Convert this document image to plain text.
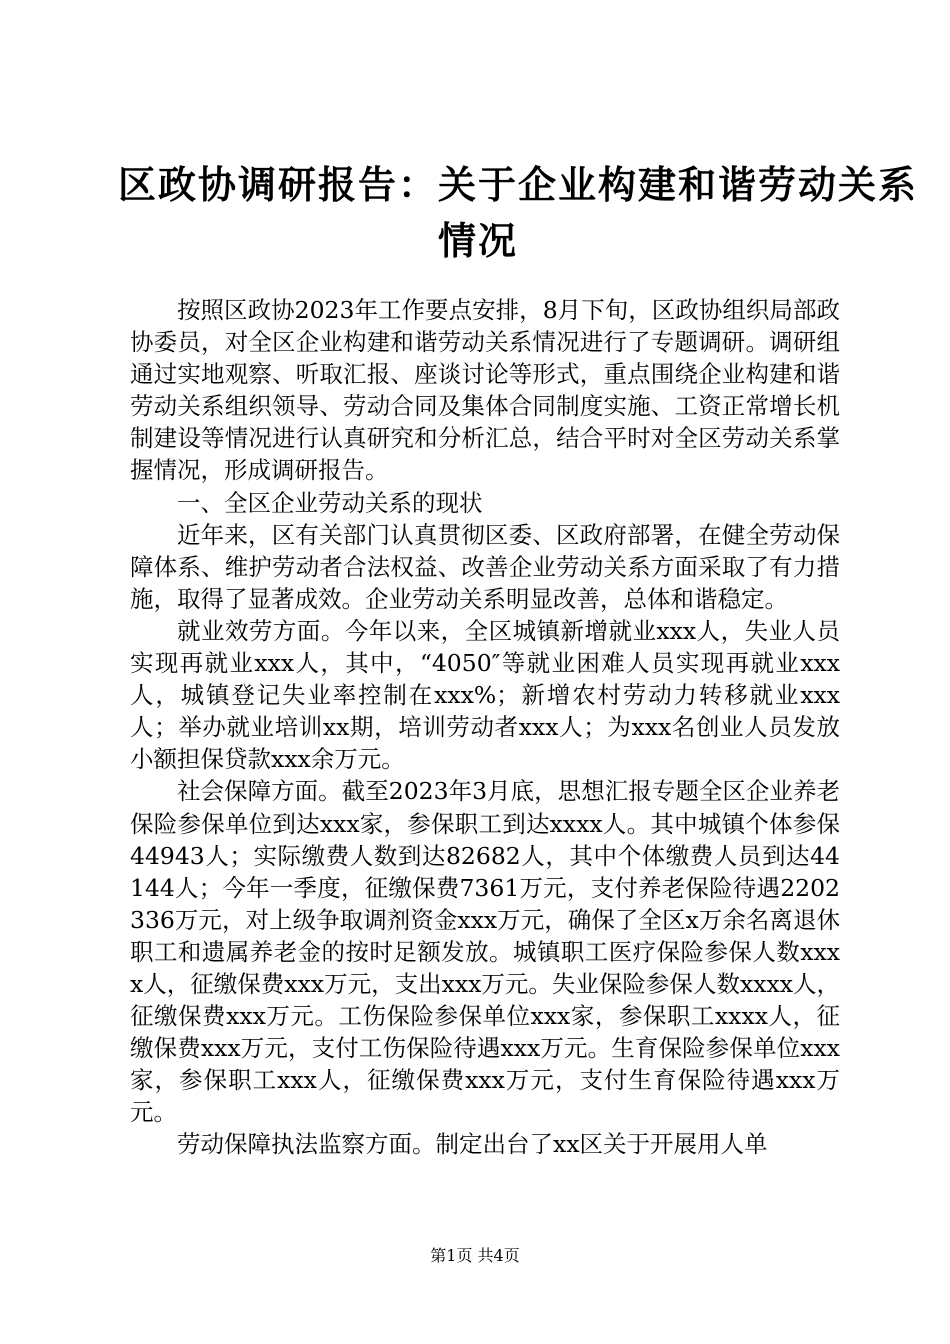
区政协调研报告：关于企业构建和谐劳动关系
情况

按照区政协2023年工作要点安排，8月下旬，区政协组织局部政协委员，对全区企业构建和谐劳动关系情况进行了专题调研。调研组通过实地观察、听取汇报、座谈讨论等形式，重点围绕企业构建和谐劳动关系组织领导、劳动合同及集体合同制度实施、工资正常增长机制建设等情况进行认真研究和分析汇总，结合平时对全区劳动关系掌握情况，形成调研报告。

一、全区企业劳动关系的现状

近年来，区有关部门认真贯彻区委、区政府部署，在健全劳动保障体系、维护劳动者合法权益、改善企业劳动关系方面采取了有力措施，取得了显著成效。企业劳动关系明显改善，总体和谐稳定。

就业效劳方面。今年以来，全区城镇新增就业xxx人，失业人员实现再就业xxx人，其中，“4050″等就业困难人员实现再就业xxx人，城镇登记失业率控制在xxx%；新增农村劳动力转移就业xxx人；举办就业培训xx期，培训劳动者xxx人；为xxx名创业人员发放小额担保贷款xxx余万元。

社会保障方面。截至2023年3月底，思想汇报专题全区企业养老保险参保单位到达xxx家，参保职工到达xxxx人。其中城镇个体参保44943人；实际缴费人数到达82682人，其中个体缴费人员到达44144人；今年一季度，征缴保费7361万元，支付养老保险待遇2202336万元，对上级争取调剂资金xxx万元，确保了全区x万余名离退休职工和遗属养老金的按时足额发放。城镇职工医疗保险参保人数xxxx人，征缴保费xxx万元，支出xxx万元。失业保险参保人数xxxx人，征缴保费xxx万元。工伤保险参保单位xxx家，参保职工xxxx人，征缴保费xxx万元，支付工伤保险待遇xxx万元。生育保险参保单位xxx家，参保职工xxx人，征缴保费xxx万元，支付生育保险待遇xxx万元。

劳动保障执法监察方面。制定出台了xx区关于开展用人单

第1页 共4页
